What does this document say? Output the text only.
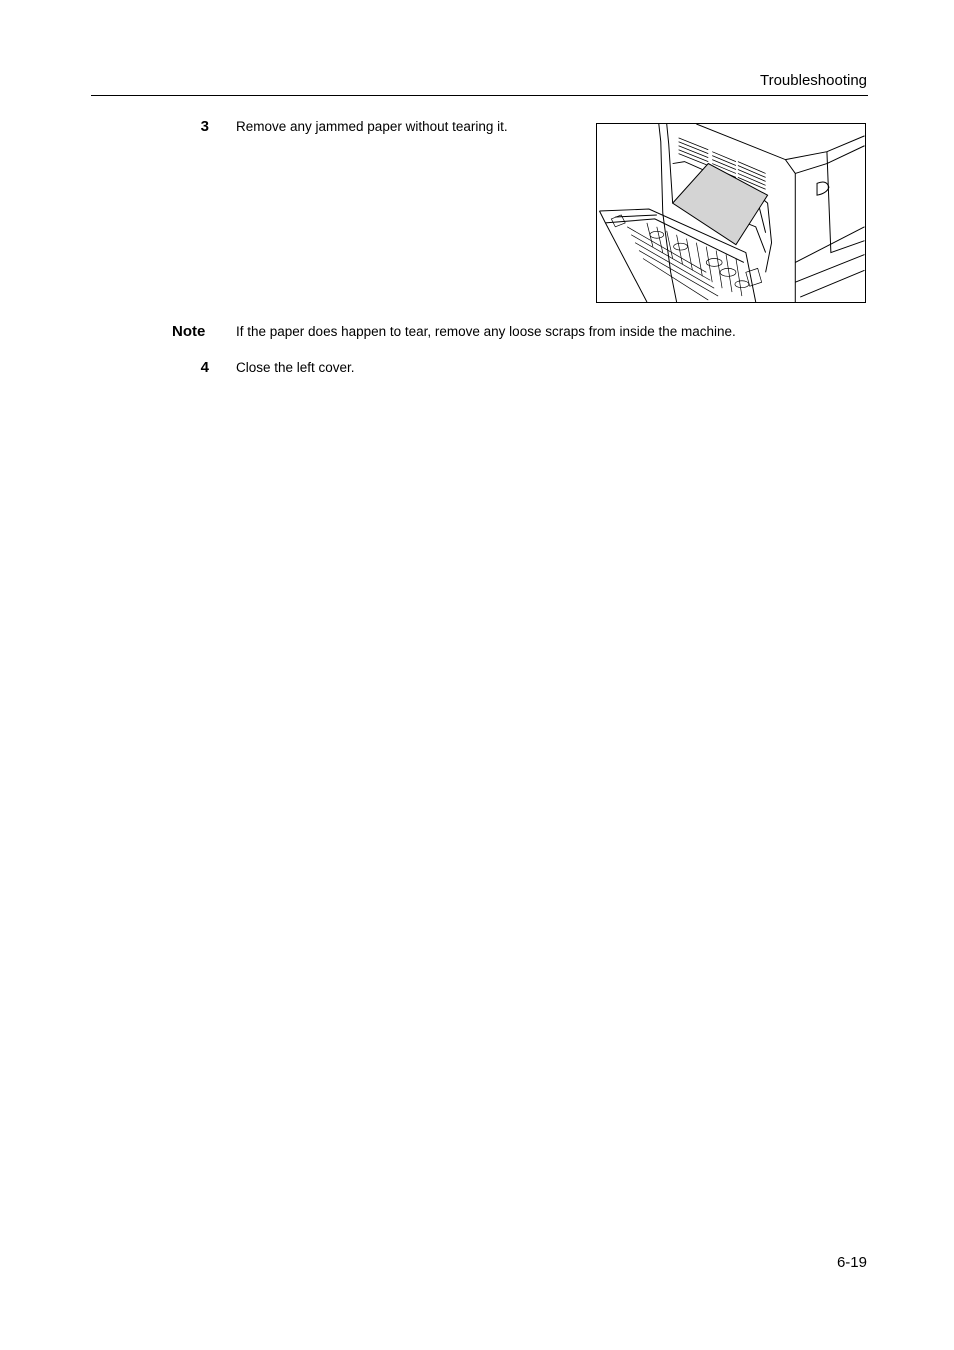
Troubleshooting
3 Remove any jammed paper without tearing it.
Note If the paper does happen to tear, remove any loose scraps from inside the machine.
4 Close the left cover.
6-19
